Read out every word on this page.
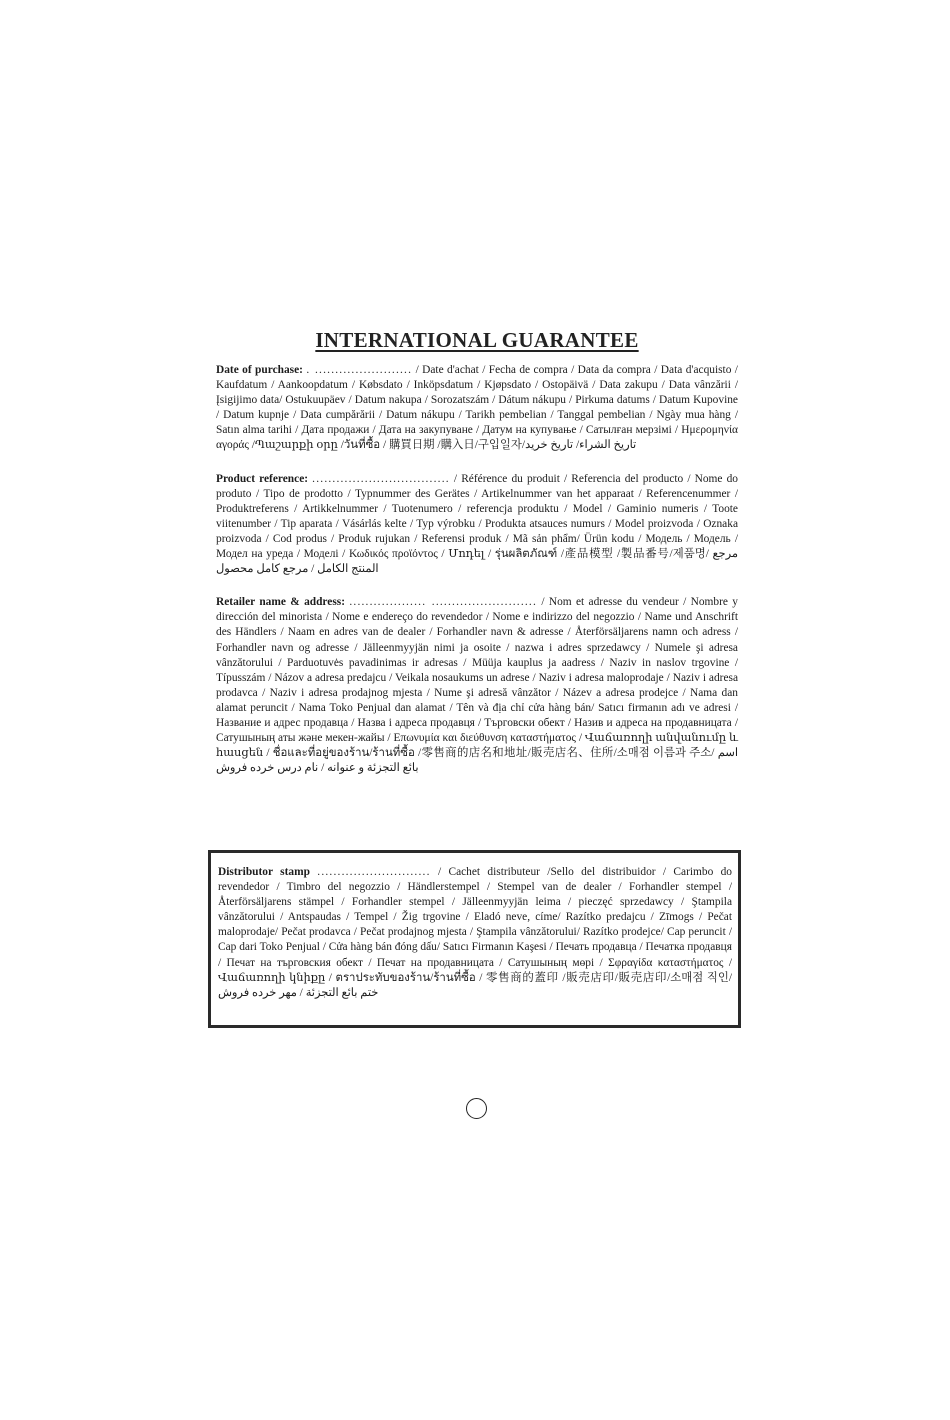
INTERNATIONAL GUARANTEE

Date of purchase: . ........................ / Date d'achat / Fecha de compra / Data da compra / Data d'acquisto / Kaufdatum / Aankoopdatum / Købsdato / Inköpsdatum / Kjøpsdato / Ostopäivä / Data zakupu / Data vânzării / Įsigijimo data/ Ostukuupäev / Datum nakupa / Sorozatszám / Dátum nákupu / Pirkuma datums / Datum Kupovine / Datum kupnje / Data cumpărării / Datum nákupu / Tarikh pembelian / Tanggal pembelian / Ngày mua hàng / Satın alma tarihi / Дата продажи / Дата на закупуване / Датум на купување / Сатылған мерзімі / Ημερομηνία αγοράς /Պաշարքի օրը /วันที่ซื้อ / 購買日期 /購入日/구입일자/تاريخ الشراء/ تاريخ خريد

Product reference: .................................. / Référence du produit / Referencia del producto / Nome do produto / Tipo de prodotto / Typnummer des Gerätes / Artikelnummer van het apparaat / Referencenummer / Produktreferens / Artikkelnummer / Tuotenumero / referencja produktu / Model / Gaminio numeris / Toote viitenumber / Tip aparata / Vásárlás kelte / Typ výrobku / Produkta atsauces numurs / Model proizvoda / Oznaka proizvoda / Cod produs / Produk rujukan / Referensi produk / Mã sản phẩm/ Ürün kodu / Модель / Модель / Модел на уреда / Моделі / Κωδικός προϊόντος / Մոդել / รุ่นผลิตภัณฑ์ /產品模型 /製品番号/제품명/ مرجع المنتج الكامل / مرجع كامل محصول

Retailer name & address: ................... .......................... / Nom et adresse du vendeur / Nombre y dirección del minorista / Nome e endereço do revendedor / Nome e indirizzo del negozzio / Name und Anschrift des Händlers / Naam en adres van de dealer / Forhandler navn & adresse / Återförsäljarens namn och adress / Forhandler navn og adresse / Jälleenmyyjän nimi ja osoite / nazwa i adres sprzedawcy / Numele şi adresa vânzătorului / Parduotuvės pavadinimas ir adresas / Müüja kauplus ja aadress / Naziv in naslov trgovine / Típusszám / Názov a adresa predajcu / Veikala nosaukums un adrese / Naziv i adresa maloprodaje / Naziv i adresa prodavca / Naziv i adresa prodajnog mjesta / Nume şi adresă vânzător / Název a adresa prodejce / Nama dan alamat peruncit / Nama Toko Penjual dan alamat / Tên và địa chỉ cửa hàng bán/ Satıcı firmanın adı ve adresi / Название и адрес продавца / Назва і адреса продавця / Търговски обект / Назив и адреса на продавницата / Сатушының аты және мекен-жайы / Επωνυμία και διεύθυνση καταστήματος / Վաճառողի անվանումը և հասցեն / ชื่อและที่อยู่ของร้าน/ร้านที่ซื้อ /零售商的店名和地址/販売店名、住所/소매점 이름과 주소/ اسم بائع التجزئة و عنوانه / نام درس خرده فروش

Distributor stamp ............................ / Cachet distributeur /Sello del distribuidor / Carimbo do revendedor / Timbro del negozzio / Händlerstempel / Stempel van de dealer / Forhandler stempel / Återförsäljarens stämpel / Forhandler stempel / Jälleenmyyjän leima / pieczęć sprzedawcy / Ştampila vânzătorului / Antspaudas / Tempel / Žig trgovine / Eladó neve, címe/ Razítko predajcu / Zīmogs / Pečat maloprodaje/ Pečat prodavca / Pečat prodajnog mjesta / Ştampila vânzătorului/ Razítko prodejce/ Cap peruncit / Cap dari Toko Penjual / Cửa hàng bán đóng dấu/ Satıcı Firmanın Kaşesi / Печать продавца / Печатка продавця / Печат на търговския обект / Печат на продавницата / Сатушының мөрі / Σφραγίδα καταστήματος / Վաճառողի կնիքը / ตราประทับของร้าน/ร้านที่ซื้อ / 零售商的蓋印 /販売店印/販売店印/소매점 직인/ ختم بائع التجزئة / مهر خرده فروش
